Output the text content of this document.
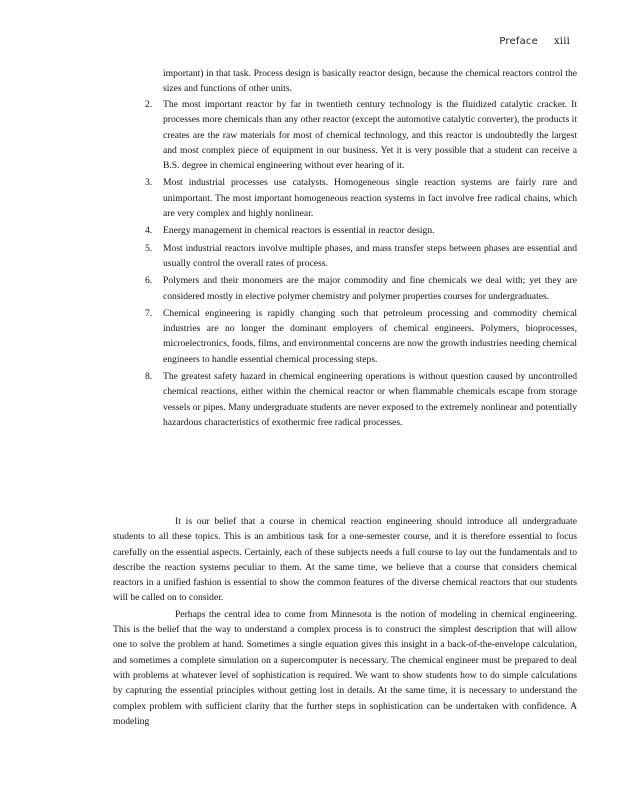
Preface xiii
important) in that task. Process design is basically reactor design, because the chemical reactors control the sizes and functions of other units.
2.	The most important reactor by far in twentieth century technology is the fluidized catalytic cracker. It processes more chemicals than any other reactor (except the automotive catalytic converter), the products it creates are the raw materials for most of chemical technology, and this reactor is undoubtedly the largest and most complex piece of equipment in our business. Yet it is very possible that a student can receive a B.S. degree in chemical engineering without ever hearing of it.
3.	Most industrial processes use catalysts. Homogeneous single reaction systems are fairly rare and unimportant. The most important homogeneous reaction systems in fact involve free radical chains, which are very complex and highly nonlinear.
4.	Energy management in chemical reactors is essential in reactor design.
5.	Most industrial reactors involve multiple phases, and mass transfer steps between phases are essential and usually control the overall rates of process.
6.	Polymers and their monomers are the major commodity and fine chemicals we deal with; yet they are considered mostly in elective polymer chemistry and polymer properties courses for undergraduates.
7.	Chemical engineering is rapidly changing such that petroleum processing and commodity chemical industries are no longer the dominant employers of chemical engineers. Polymers, bioprocesses, microelectronics, foods, films, and environmental concerns are now the growth industries needing chemical engineers to handle essential chemical processing steps.
8.	The greatest safety hazard in chemical engineering operations is without question caused by uncontrolled chemical reactions, either within the chemical reactor or when flammable chemicals escape from storage vessels or pipes. Many undergraduate students are never exposed to the extremely nonlinear and potentially hazardous characteristics of exothermic free radical processes.

It is our belief that a course in chemical reaction engineering should introduce all undergraduate students to all these topics. This is an ambitious task for a one-semester course, and it is therefore essential to focus carefully on the essential aspects. Certainly, each of these subjects needs a full course to lay out the fundamentals and to describe the reaction systems peculiar to them. At the same time, we believe that a course that considers chemical reactors in a unified fashion is essential to show the common features of the diverse chemical reactors that our students will be called on to consider.

Perhaps the central idea to come from Minnesota is the notion of modeling in chemical engineering. This is the belief that the way to understand a complex process is to construct the simplest description that will allow one to solve the problem at hand. Sometimes a single equation gives this insight in a back-of-the-envelope calculation, and sometimes a complete simulation on a supercomputer is necessary. The chemical engineer must be prepared to deal with problems at whatever level of sophistication is required. We want to show students how to do simple calculations by capturing the essential principles without getting lost in details. At the same time, it is necessary to understand the complex problem with sufficient clarity that the further steps in sophistication can be undertaken with confidence. A modeling
